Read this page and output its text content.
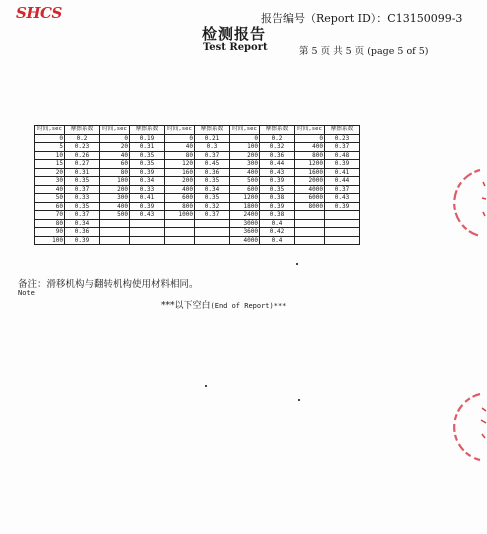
SHCS	报告编号（Report ID）：C13150099-3
检测报告
Test Report	第 5 页 共 5 页 (page 5 of 5)
时间,sec	摩擦系数	时间,sec	摩擦系数	时间,sec	摩擦系数	时间,sec	摩擦系数	时间,sec	摩擦系数
0	0.2	0	0.19	0	0.21	0	0.2	0	0.23
5	0.23	20	0.31	40	0.3	100	0.32	400	0.37
10	0.26	40	0.35	80	0.37	200	0.36	800	0.48
15	0.27	60	0.35	120	0.45	300	0.44	1200	0.39
20	0.31	80	0.39	160	0.36	400	0.43	1600	0.41
30	0.35	100	0.34	200	0.35	500	0.39	2000	0.44
40	0.37	200	0.33	400	0.34	600	0.35	4000	0.37
50	0.33	300	0.41	600	0.35	1200	0.38	6000	0.43
60	0.35	400	0.39	800	0.32	1800	0.39	8000	0.39
70	0.37	500	0.43	1000	0.37	2400	0.38		
80	0.34					3000	0.4		
90	0.36					3600	0.42		
100	0.39					4000	0.4		
备注：滑移机构与翻转机构使用材料相同。
Note
***以下空白(End of Report)***
